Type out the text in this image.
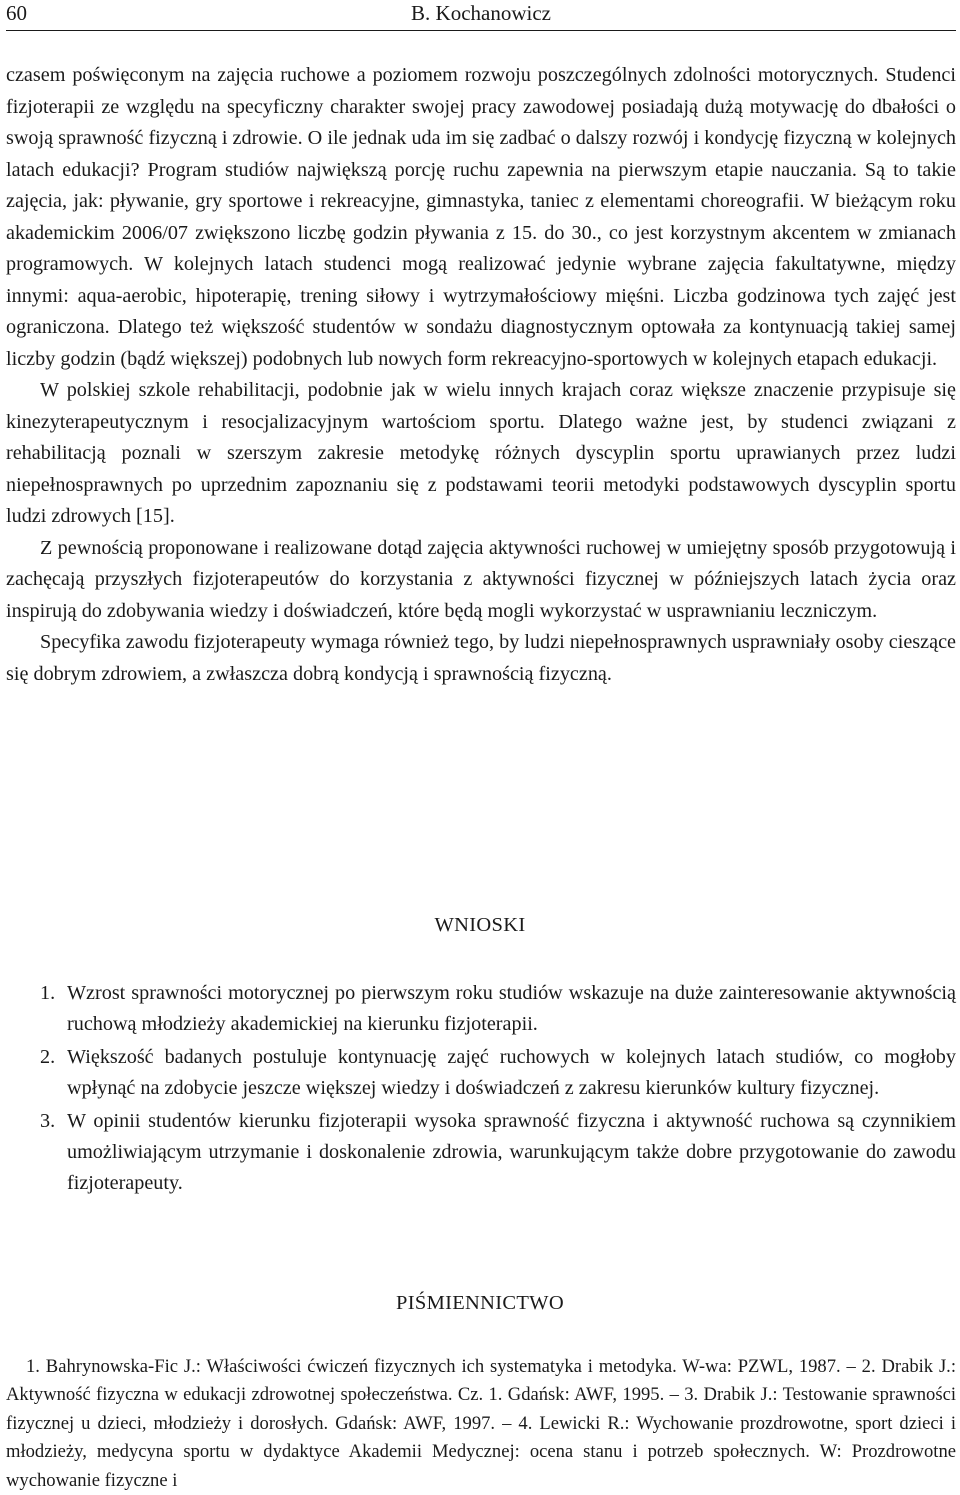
60	B. Kochanowicz

czasem poświęconym na zajęcia ruchowe a poziomem rozwoju poszczególnych zdolności motorycznych. Studenci fizjoterapii ze względu na specyficzny charakter swojej pracy zawodowej posiadają dużą motywację do dbałości o swoją sprawność fizyczną i zdrowie. O ile jednak uda im się zadbać o dalszy rozwój i kondycję fizyczną w kolejnych latach edukacji? Program studiów największą porcję ruchu zapewnia na pierwszym etapie nauczania. Są to takie zajęcia, jak: pływanie, gry sportowe i rekreacyjne, gimnastyka, taniec z elementami choreografii. W bieżącym roku akademickim 2006/07 zwiększono liczbę godzin pływania z 15. do 30., co jest korzystnym akcentem w zmianach programowych. W kolejnych latach studenci mogą realizować jedynie wybrane zajęcia fakultatywne, między innymi: aqua-aerobic, hipoterapię, trening siłowy i wytrzymałościowy mięśni. Liczba godzinowa tych zajęć jest ograniczona. Dlatego też większość studentów w sondażu diagnostycznym optowała za kontynuacją takiej samej liczby godzin (bądź większej) podobnych lub nowych form rekreacyjno-sportowych w kolejnych etapach edukacji.

W polskiej szkole rehabilitacji, podobnie jak w wielu innych krajach coraz większe znaczenie przypisuje się kinezyterapeutycznym i resocjalizacyjnym wartościom sportu. Dlatego ważne jest, by studenci związani z rehabilitacją poznali w szerszym zakresie metodykę różnych dyscyplin sportu uprawianych przez ludzi niepełnosprawnych po uprzednim zapoznaniu się z podstawami teorii metodyki podstawowych dyscyplin sportu ludzi zdrowych [15].

Z pewnością proponowane i realizowane dotąd zajęcia aktywności ruchowej w umiejętny sposób przygotowują i zachęcają przyszłych fizjoterapeutów do korzystania z aktywności fizycznej w późniejszych latach życia oraz inspirują do zdobywania wiedzy i doświadczeń, które będą mogli wykorzystać w usprawnianiu leczniczym.

Specyfika zawodu fizjoterapeuty wymaga również tego, by ludzi niepełnosprawnych usprawniały osoby cieszące się dobrym zdrowiem, a zwłaszcza dobrą kondycją i sprawnością fizyczną.

WNIOSKI
1. Wzrost sprawności motorycznej po pierwszym roku studiów wskazuje na duże zainteresowanie aktywnością ruchową młodzieży akademickiej na kierunku fizjoterapii.
2. Większość badanych postuluje kontynuację zajęć ruchowych w kolejnych latach studiów, co mogłoby wpłynąć na zdobycie jeszcze większej wiedzy i doświadczeń z zakresu kierunków kultury fizycznej.
3. W opinii studentów kierunku fizjoterapii wysoka sprawność fizyczna i aktywność ruchowa są czynnikiem umożliwiającym utrzymanie i doskonalenie zdrowia, warunkującym także dobre przygotowanie do zawodu fizjoterapeuty.
PIŚMIENNICTWO
1. Bahrynowska-Fic J.: Właściwości ćwiczeń fizycznych ich systematyka i metodyka. W-wa: PZWL, 1987. – 2. Drabik J.: Aktywność fizyczna w edukacji zdrowotnej społeczeństwa. Cz. 1. Gdańsk: AWF, 1995. – 3. Drabik J.: Testowanie sprawności fizycznej u dzieci, młodzieży i dorosłych. Gdańsk: AWF, 1997. – 4. Lewicki R.: Wychowanie prozdrowotne, sport dzieci i młodzieży, medycyna sportu w dydaktyce Akademii Medycznej: ocena stanu i potrzeb społecznych. W: Prozdrowotne wychowanie fizyczne i
